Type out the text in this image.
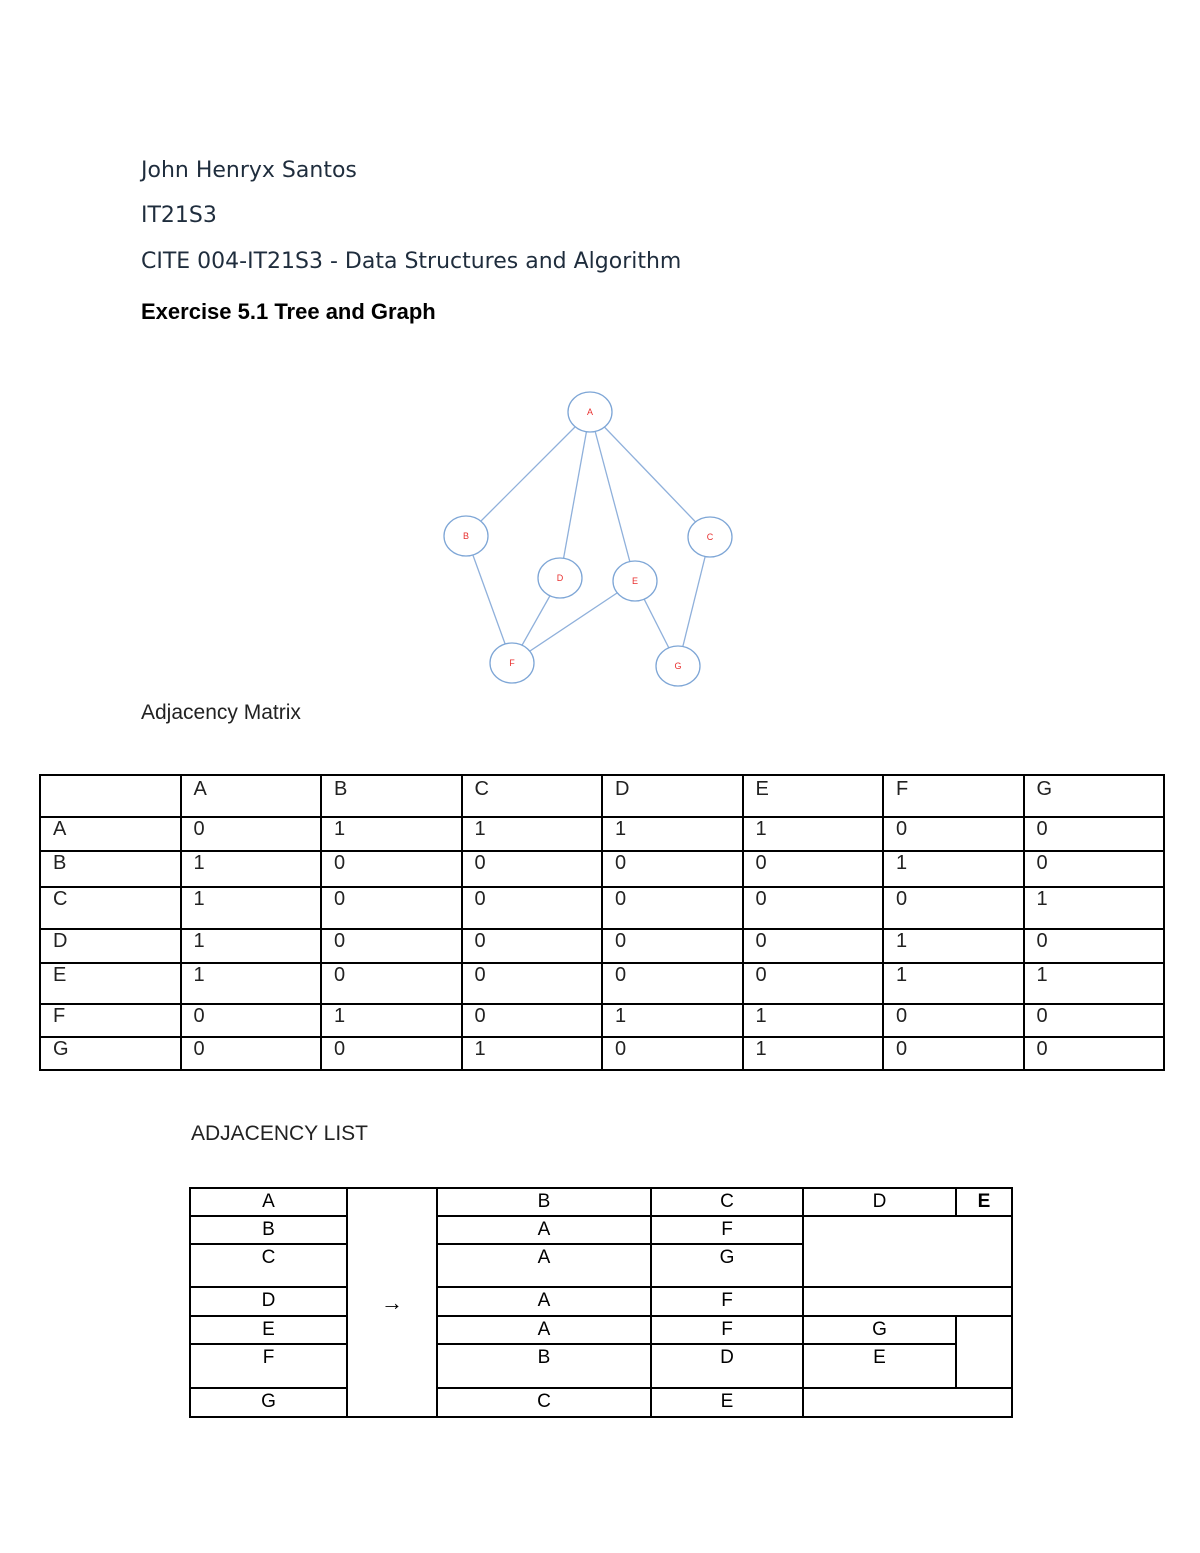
John Henryx Santos
IT21S3
CITE 004-IT21S3 - Data Structures and Algorithm
Exercise 5.1 Tree and Graph
A
B	C
D	E
F	G
Adjacency Matrix
	A	B	C	D	E	F	G
A	0	1	1	1	1	0	0
B	1	0	0	0	0	1	0
C	1	0	0	0	0	0	1
D	1	0	0	0	0	1	0
E	1	0	0	0	0	1	1
F	0	1	0	1	1	0	0
G	0	0	1	0	1	0	0
ADJACENCY LIST
A	→	B	C	D	E
B		A	F		
C		A	G		
D		A	F		
E		A	F	G	
F		B	D	E	
G		C	E		
